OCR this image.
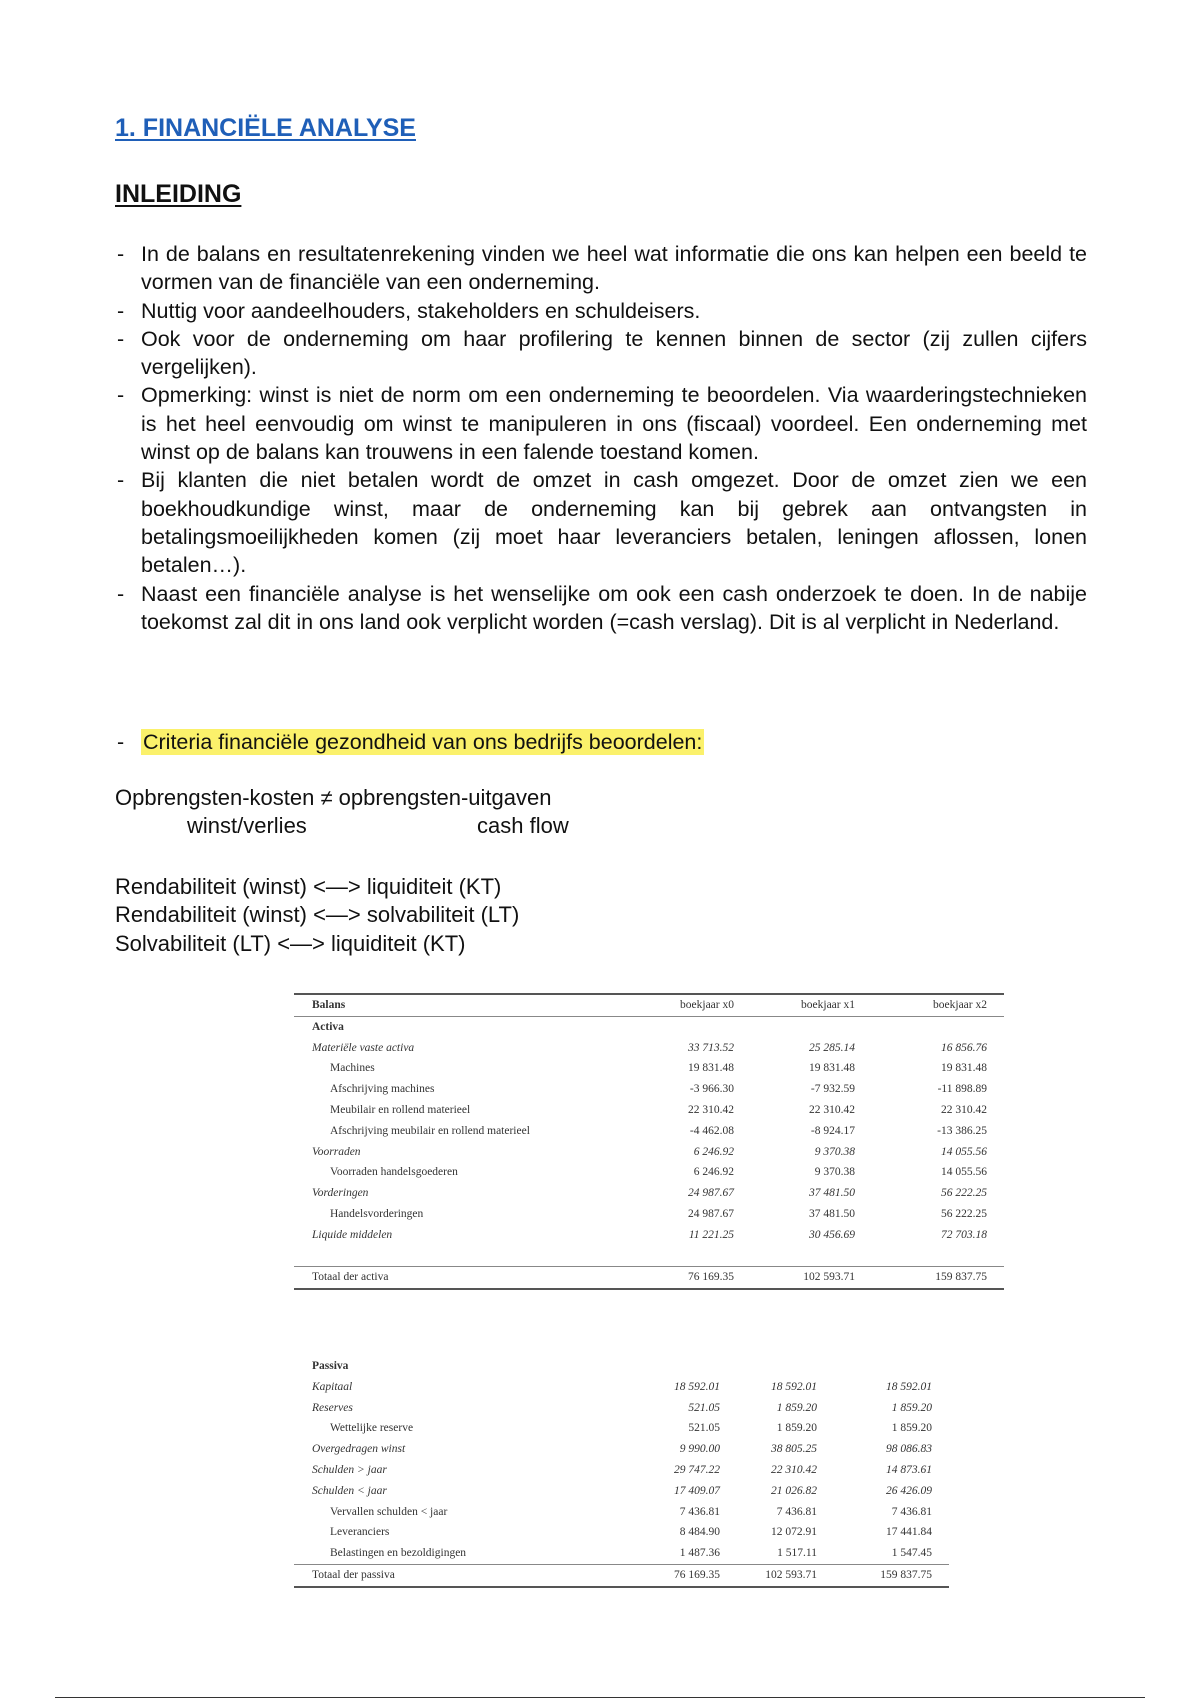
1. FINANCIËLE ANALYSE
INLEIDING
- In de balans en resultatenrekening vinden we heel wat informatie die ons kan helpen een beeld te vormen van de financiële van een onderneming.
- Nuttig voor aandeelhouders, stakeholders en schuldeisers.
- Ook voor de onderneming om haar profilering te kennen binnen de sector (zij zullen cijfers vergelijken).
- Opmerking: winst is niet de norm om een onderneming te beoordelen. Via waarderingstechnieken is het heel eenvoudig om winst te manipuleren in ons (fiscaal) voordeel. Een onderneming met winst op de balans kan trouwens in een falende toestand komen.
- Bij klanten die niet betalen wordt de omzet in cash omgezet. Door de omzet zien we een boekhoudkundige winst, maar de onderneming kan bij gebrek aan ontvangsten in betalingsmoeilijkheden komen (zij moet haar leveranciers betalen, leningen aflossen, lonen betalen…).
- Naast een financiële analyse is het wenselijke om ook een cash onderzoek te doen. In de nabije toekomst zal dit in ons land ook verplicht worden (=cash verslag). Dit is al verplicht in Nederland.
- Criteria financiële gezondheid van ons bedrijfs beoordelen:
Opbrengsten-kosten ≠ opbrengsten-uitgaven
winst/verlies	cash flow
Rendabiliteit (winst) <—> liquiditeit (KT)
Rendabiliteit (winst) <—> solvabiliteit (LT)
Solvabiliteit (LT) <—> liquiditeit (KT)
Balans	boekjaar x0	boekjaar x1	boekjaar x2
Activa			
Materiële vaste activa	33 713.52	25 285.14	16 856.76
Machines	19 831.48	19 831.48	19 831.48
Afschrijving machines	-3 966.30	-7 932.59	-11 898.89
Meubilair en rollend materieel	22 310.42	22 310.42	22 310.42
Afschrijving meubilair en rollend materieel	-4 462.08	-8 924.17	-13 386.25
Voorraden	6 246.92	9 370.38	14 055.56
Voorraden handelsgoederen	6 246.92	9 370.38	14 055.56
Vorderingen	24 987.67	37 481.50	56 222.25
Handelsvorderingen	24 987.67	37 481.50	56 222.25
Liquide middelen	11 221.25	30 456.69	72 703.18

Totaal der activa	76 169.35	102 593.71	159 837.75
Passiva			
Kapitaal	18 592.01	18 592.01	18 592.01
Reserves	521.05	1 859.20	1 859.20
Wettelijke reserve	521.05	1 859.20	1 859.20
Overgedragen winst	9 990.00	38 805.25	98 086.83
Schulden > jaar	29 747.22	22 310.42	14 873.61
Schulden < jaar	17 409.07	21 026.82	26 426.09
Vervallen schulden < jaar	7 436.81	7 436.81	7 436.81
Leveranciers	8 484.90	12 072.91	17 441.84
Belastingen en bezoldigingen	1 487.36	1 517.11	1 547.45
Totaal der passiva	76 169.35	102 593.71	159 837.75
